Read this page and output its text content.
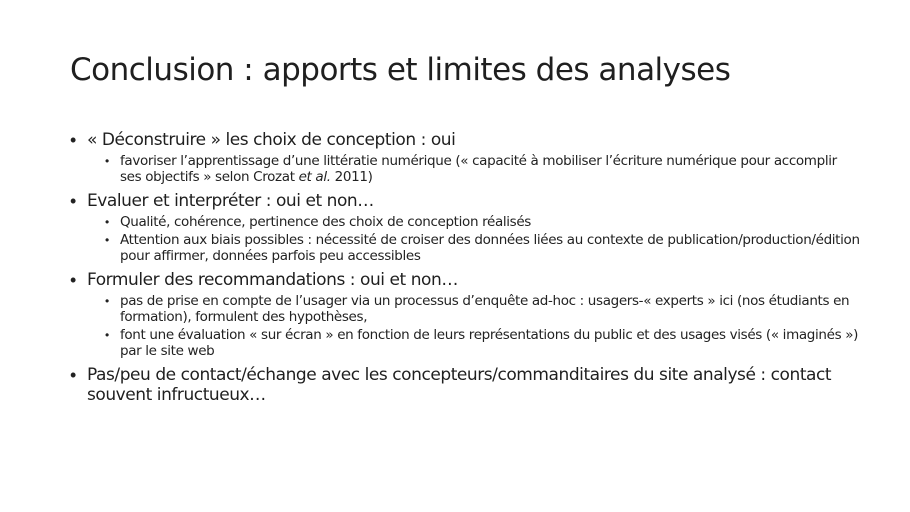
Conclusion : apports et limites des analyses
• « Déconstruire » les choix de conception : oui
• favoriser l’apprentissage d’une littératie numérique (« capacité à mobiliser l’écriture numérique pour accomplir ses objectifs » selon Crozat et al. 2011)
• Evaluer et interpréter : oui et non…
• Qualité, cohérence, pertinence des choix de conception réalisés
• Attention aux biais possibles : nécessité de croiser des données liées au contexte de publication/production/édition pour affirmer, données parfois peu accessibles
• Formuler des recommandations : oui et non…
• pas de prise en compte de l’usager via un processus d’enquête ad-hoc : usagers-« experts » ici (nos étudiants en formation), formulent des hypothèses,
• font une évaluation « sur écran » en fonction de leurs représentations du public et des usages visés (« imaginés ») par le site web
• Pas/peu de contact/échange avec les concepteurs/commanditaires du site analysé : contact souvent infructueux…
